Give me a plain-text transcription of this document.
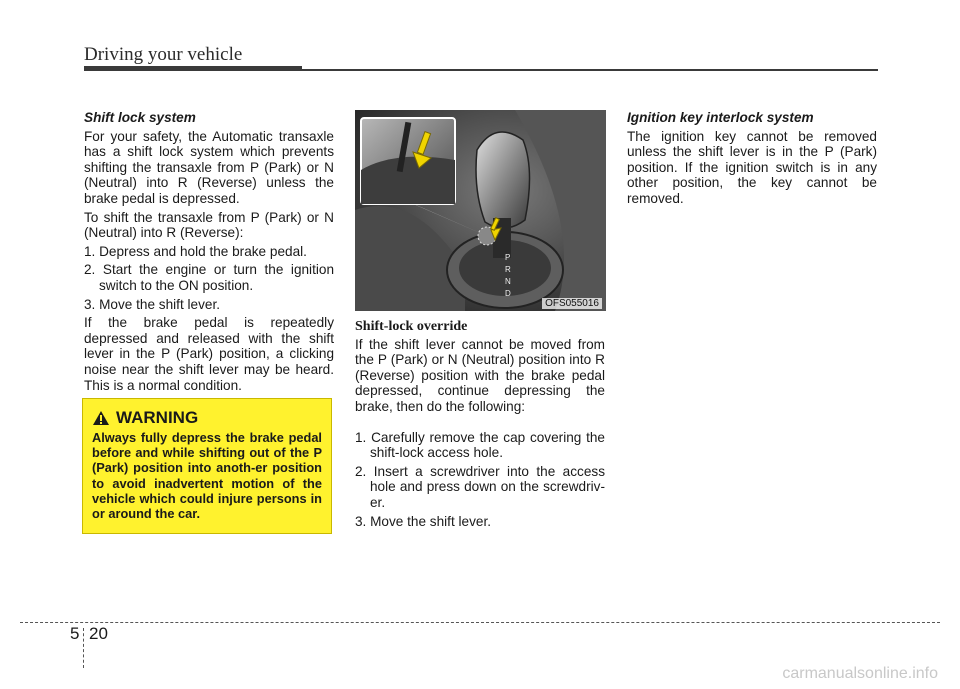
Driving your vehicle
Shift lock system

For your safety, the Automatic transaxle has a shift lock system which prevents shifting the transaxle from P (Park) or N (Neutral) into R (Reverse) unless the brake pedal is depressed.

To shift the transaxle from P (Park) or N (Neutral) into R (Reverse):

1. Depress and hold the brake pedal.
2. Start the engine or turn the ignition switch to the ON position.
3. Move the shift lever.

If the brake pedal is repeatedly depressed and released with the shift lever in the P (Park) position, a clicking noise near the shift lever may be heard. This is a normal condition.

WARNING

Always fully depress the brake pedal before and while shifting out of the P (Park) position into anoth-er position to avoid inadvertent motion of the vehicle which could injure persons in or around the car.

P
R
N
D
OFS055016
Shift-lock override

If the shift lever cannot be moved from the P (Park) or N (Neutral) position into R (Reverse) position with the brake pedal depressed, continue depressing the brake, then do the following:

1. Carefully remove the cap covering the shift-lock access hole.
2. Insert a screwdriver into the access hole and press down on the screwdriv-er.
3. Move the shift lever.
Ignition key interlock system

The ignition key cannot be removed unless the shift lever is in the P (Park) position. If the ignition switch is in any other position, the key cannot be removed.

5 20
carmanualsonline.info
